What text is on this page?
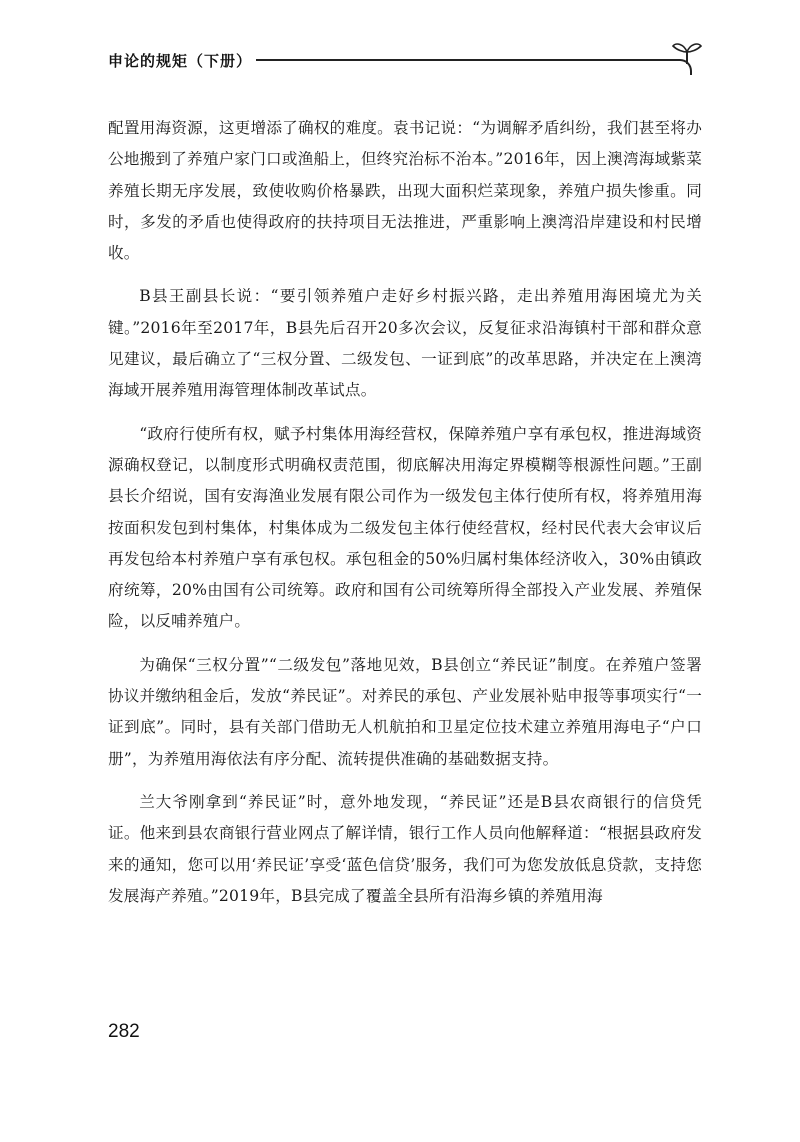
申论的规矩（下册）

配置用海资源，这更增添了确权的难度。袁书记说：“为调解矛盾纠纷，我们甚至将办公地搬到了养殖户家门口或渔船上，但终究治标不治本。”2016年，因上澳湾海域紫菜养殖长期无序发展，致使收购价格暴跌，出现大面积烂菜现象，养殖户损失惨重。同时，多发的矛盾也使得政府的扶持项目无法推进，严重影响上澳湾沿岸建设和村民增收。

B县王副县长说：“要引领养殖户走好乡村振兴路，走出养殖用海困境尤为关键。”2016年至2017年，B县先后召开20多次会议，反复征求沿海镇村干部和群众意见建议，最后确立了“三权分置、二级发包、一证到底”的改革思路，并决定在上澳湾海域开展养殖用海管理体制改革试点。

“政府行使所有权，赋予村集体用海经营权，保障养殖户享有承包权，推进海域资源确权登记，以制度形式明确权责范围，彻底解决用海定界模糊等根源性问题。”王副县长介绍说，国有安海渔业发展有限公司作为一级发包主体行使所有权，将养殖用海按面积发包到村集体，村集体成为二级发包主体行使经营权，经村民代表大会审议后再发包给本村养殖户享有承包权。承包租金的50%归属村集体经济收入，30%由镇政府统筹，20%由国有公司统筹。政府和国有公司统筹所得全部投入产业发展、养殖保险，以反哺养殖户。

为确保“三权分置”“二级发包”落地见效，B县创立“养民证”制度。在养殖户签署协议并缴纳租金后，发放“养民证”。对养民的承包、产业发展补贴申报等事项实行“一证到底”。同时，县有关部门借助无人机航拍和卫星定位技术建立养殖用海电子“户口册”，为养殖用海依法有序分配、流转提供准确的基础数据支持。

兰大爷刚拿到“养民证”时，意外地发现，“养民证”还是B县农商银行的信贷凭证。他来到县农商银行营业网点了解详情，银行工作人员向他解释道：“根据县政府发来的通知，您可以用‘养民证’享受‘蓝色信贷’服务，我们可为您发放低息贷款，支持您发展海产养殖。”2019年，B县完成了覆盖全县所有沿海乡镇的养殖用海

282
